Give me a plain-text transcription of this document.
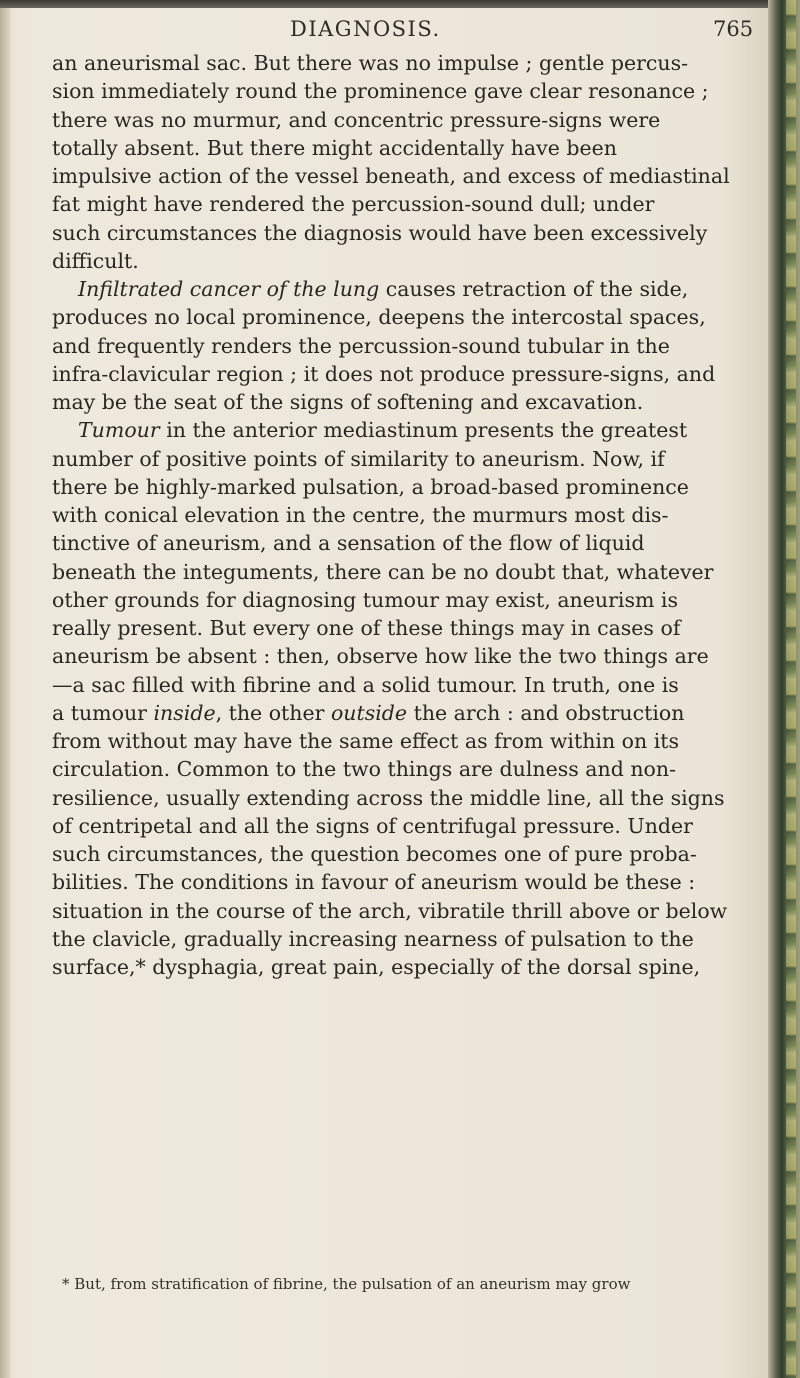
DIAGNOSIS.	765
an aneurismal sac. But there was no impulse ; gentle percus-
sion immediately round the prominence gave clear resonance ;
there was no murmur, and concentric pressure-signs were
totally absent. But there might accidentally have been
impulsive action of the vessel beneath, and excess of mediastinal
fat might have rendered the percussion-sound dull; under
such circumstances the diagnosis would have been excessively
difficult.
Infiltrated cancer of the lung causes retraction of the side,
produces no local prominence, deepens the intercostal spaces,
and frequently renders the percussion-sound tubular in the
infra-clavicular region ; it does not produce pressure-signs, and
may be the seat of the signs of softening and excavation.
Tumour in the anterior mediastinum presents the greatest
number of positive points of similarity to aneurism. Now, if
there be highly-marked pulsation, a broad-based prominence
with conical elevation in the centre, the murmurs most dis-
tinctive of aneurism, and a sensation of the flow of liquid
beneath the integuments, there can be no doubt that, whatever
other grounds for diagnosing tumour may exist, aneurism is
really present. But every one of these things may in cases of
aneurism be absent : then, observe how like the two things are
—a sac filled with fibrine and a solid tumour. In truth, one is
a tumour inside, the other outside the arch : and obstruction
from without may have the same effect as from within on its
circulation. Common to the two things are dulness and non-
resilience, usually extending across the middle line, all the signs
of centripetal and all the signs of centrifugal pressure. Under
such circumstances, the question becomes one of pure proba-
bilities. The conditions in favour of aneurism would be these :
situation in the course of the arch, vibratile thrill above or below
the clavicle, gradually increasing nearness of pulsation to the
surface,* dysphagia, great pain, especially of the dorsal spine,
* But, from stratification of fibrine, the pulsation of an aneurism may grow
